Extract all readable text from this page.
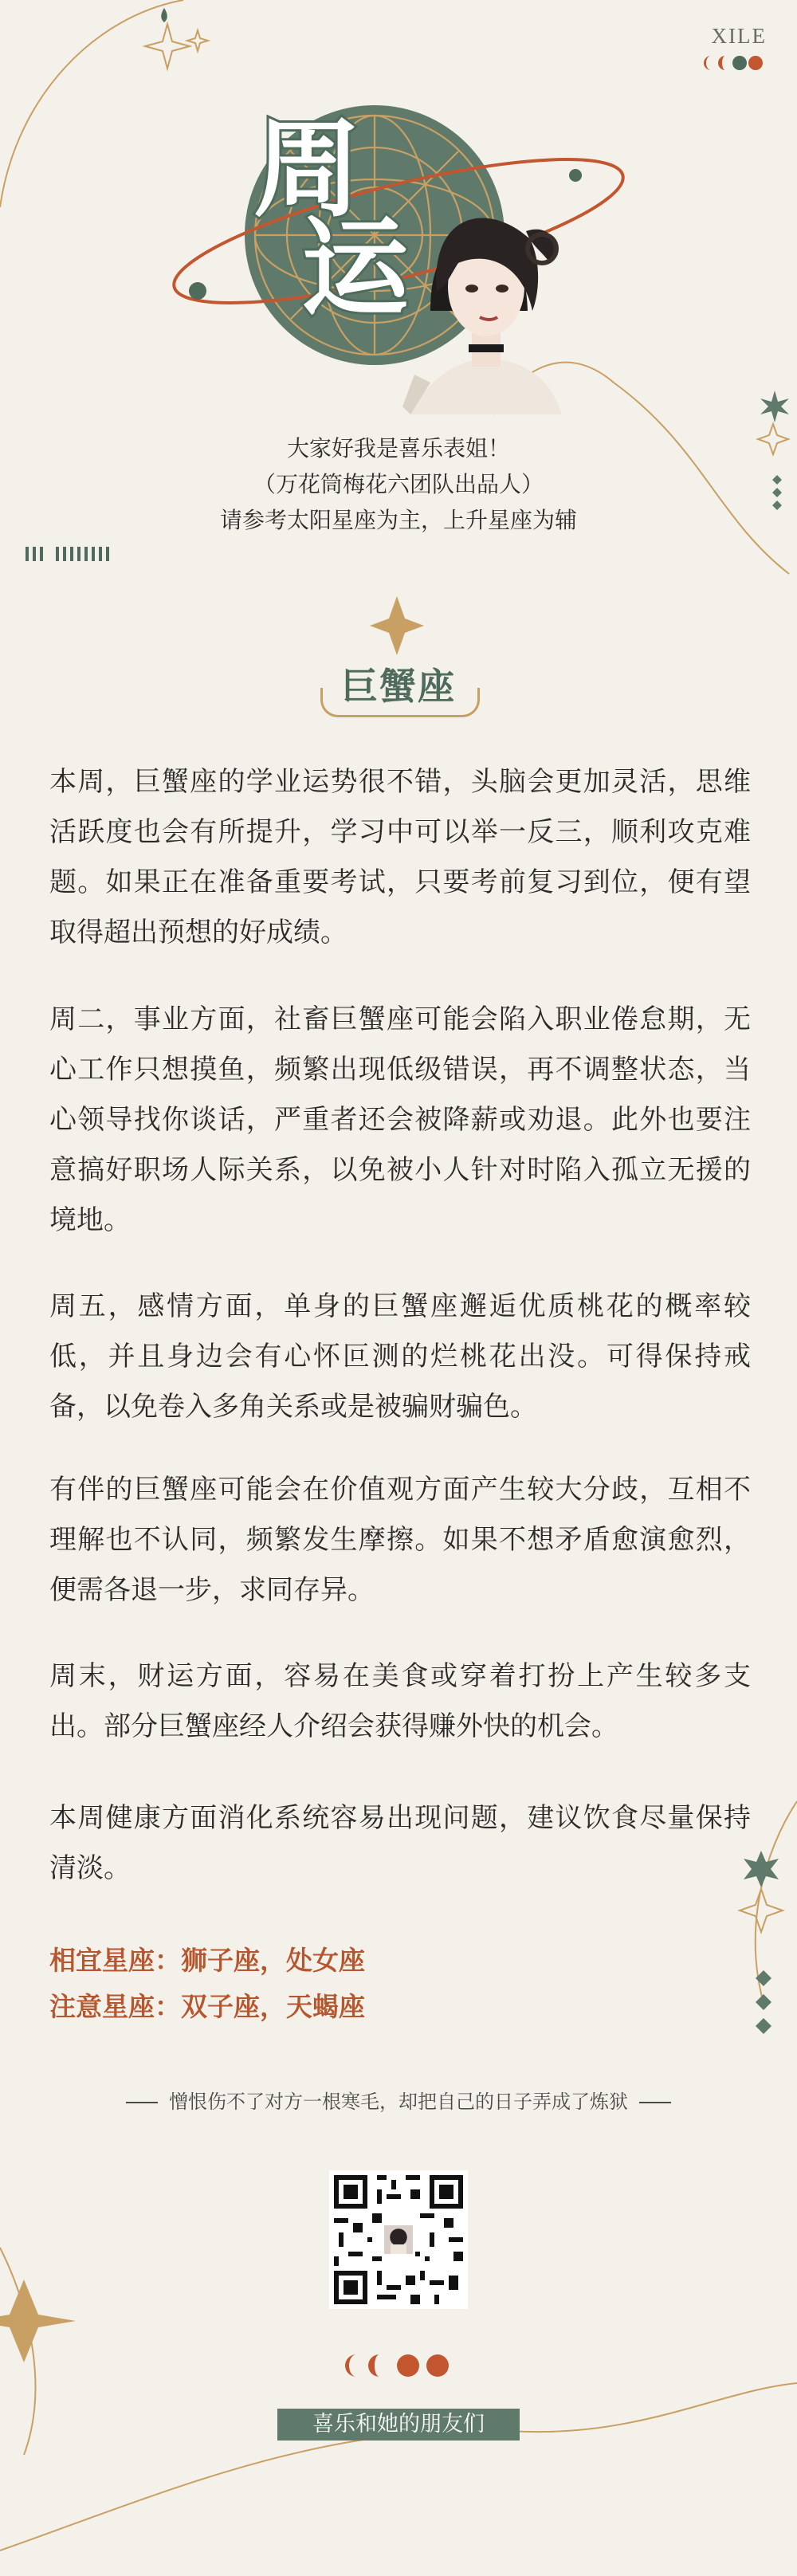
XILE
周
运
大家好我是喜乐表姐！
（万花筒梅花六团队出品人）
请参考太阳星座为主，上升星座为辅
巨蟹座

本周，巨蟹座的学业运势很不错，头脑会更加灵活，思维活跃度也会有所提升，学习中可以举一反三，顺利攻克难题。如果正在准备重要考试，只要考前复习到位，便有望取得超出预想的好成绩。

周二，事业方面，社畜巨蟹座可能会陷入职业倦怠期，无心工作只想摸鱼，频繁出现低级错误，再不调整状态，当心领导找你谈话，严重者还会被降薪或劝退。此外也要注意搞好职场人际关系，以免被小人针对时陷入孤立无援的境地。

周五，感情方面，单身的巨蟹座邂逅优质桃花的概率较低，并且身边会有心怀叵测的烂桃花出没。可得保持戒备，以免卷入多角关系或是被骗财骗色。

有伴的巨蟹座可能会在价值观方面产生较大分歧，互相不理解也不认同，频繁发生摩擦。如果不想矛盾愈演愈烈，便需各退一步，求同存异。

周末，财运方面，容易在美食或穿着打扮上产生较多支出。部分巨蟹座经人介绍会获得赚外快的机会。

本周健康方面消化系统容易出现问题，建议饮食尽量保持清淡。

相宜星座：狮子座，处女座
注意星座：双子座，天蝎座
憎恨伤不了对方一根寒毛，却把自己的日子弄成了炼狱
喜乐和她的朋友们
